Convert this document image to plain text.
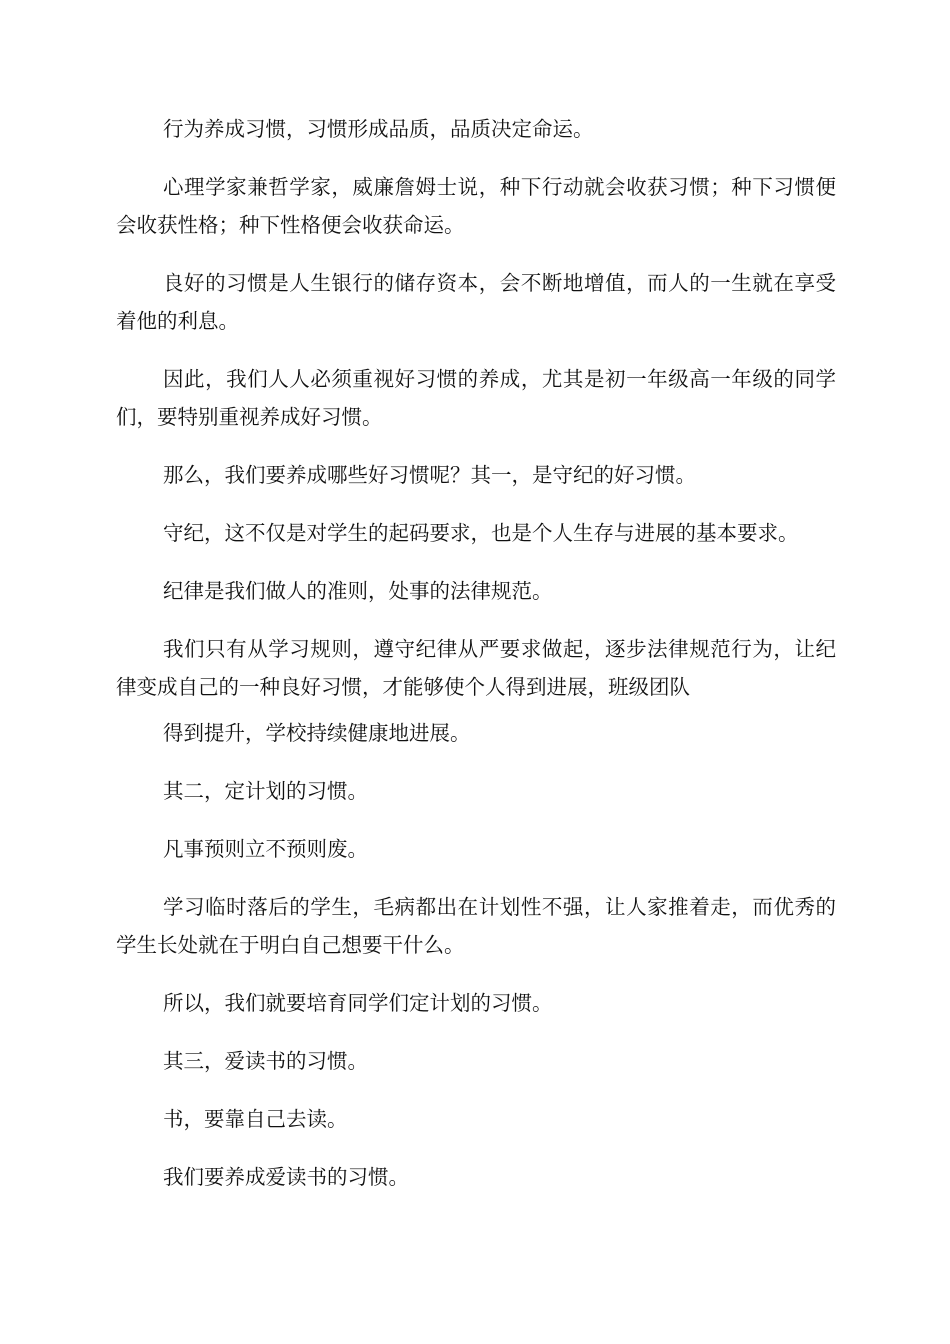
行为养成习惯，习惯形成品质，品质决定命运。

心理学家兼哲学家，威廉詹姆士说，种下行动就会收获习惯；种下习惯便会收获性格；种下性格便会收获命运。

良好的习惯是人生银行的储存资本，会不断地增值，而人的一生就在享受着他的利息。

因此，我们人人必须重视好习惯的养成，尤其是初一年级高一年级的同学们，要特别重视养成好习惯。

那么，我们要养成哪些好习惯呢？其一，是守纪的好习惯。

守纪，这不仅是对学生的起码要求，也是个人生存与进展的基本要求。

纪律是我们做人的准则，处事的法律规范。

我们只有从学习规则，遵守纪律从严要求做起，逐步法律规范行为，让纪律变成自己的一种良好习惯，才能够使个人得到进展，班级团队

得到提升，学校持续健康地进展。

其二，定计划的习惯。

凡事预则立不预则废。

学习临时落后的学生，毛病都出在计划性不强，让人家推着走，而优秀的学生长处就在于明白自己想要干什么。

所以，我们就要培育同学们定计划的习惯。

其三，爱读书的习惯。

书，要靠自己去读。

我们要养成爱读书的习惯。
